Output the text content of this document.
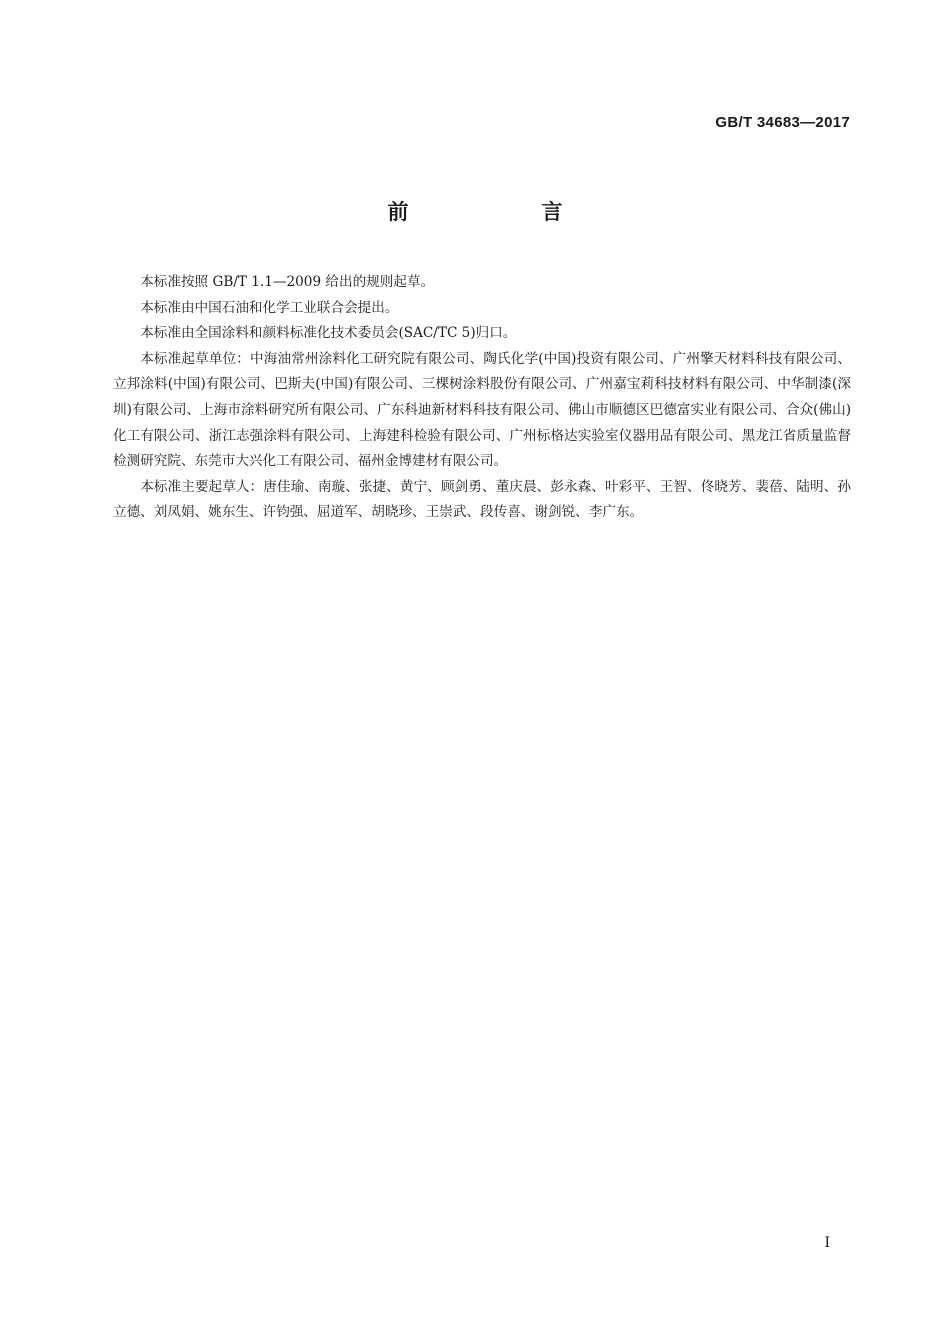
GB/T 34683—2017
前　言

本标准按照 GB/T 1.1—2009 给出的规则起草。

本标准由中国石油和化学工业联合会提出。

本标准由全国涂料和颜料标准化技术委员会(SAC/TC 5)归口。

本标准起草单位：中海油常州涂料化工研究院有限公司、陶氏化学(中国)投资有限公司、广州擎天材料科技有限公司、立邦涂料(中国)有限公司、巴斯夫(中国)有限公司、三棵树涂料股份有限公司、广州嘉宝莉科技材料有限公司、中华制漆(深圳)有限公司、上海市涂料研究所有限公司、广东科迪新材料科技有限公司、佛山市顺德区巴德富实业有限公司、合众(佛山)化工有限公司、浙江志强涂料有限公司、上海建科检验有限公司、广州标格达实验室仪器用品有限公司、黑龙江省质量监督检测研究院、东莞市大兴化工有限公司、福州金博建材有限公司。

本标准主要起草人：唐佳瑜、南璇、张捷、黄宁、顾剑勇、董庆晨、彭永森、叶彩平、王智、佟晓芳、裴蓓、陆明、孙立德、刘凤娟、姚东生、许钧强、屈道军、胡晓珍、王崇武、段传喜、谢剑锐、李广东。

I
